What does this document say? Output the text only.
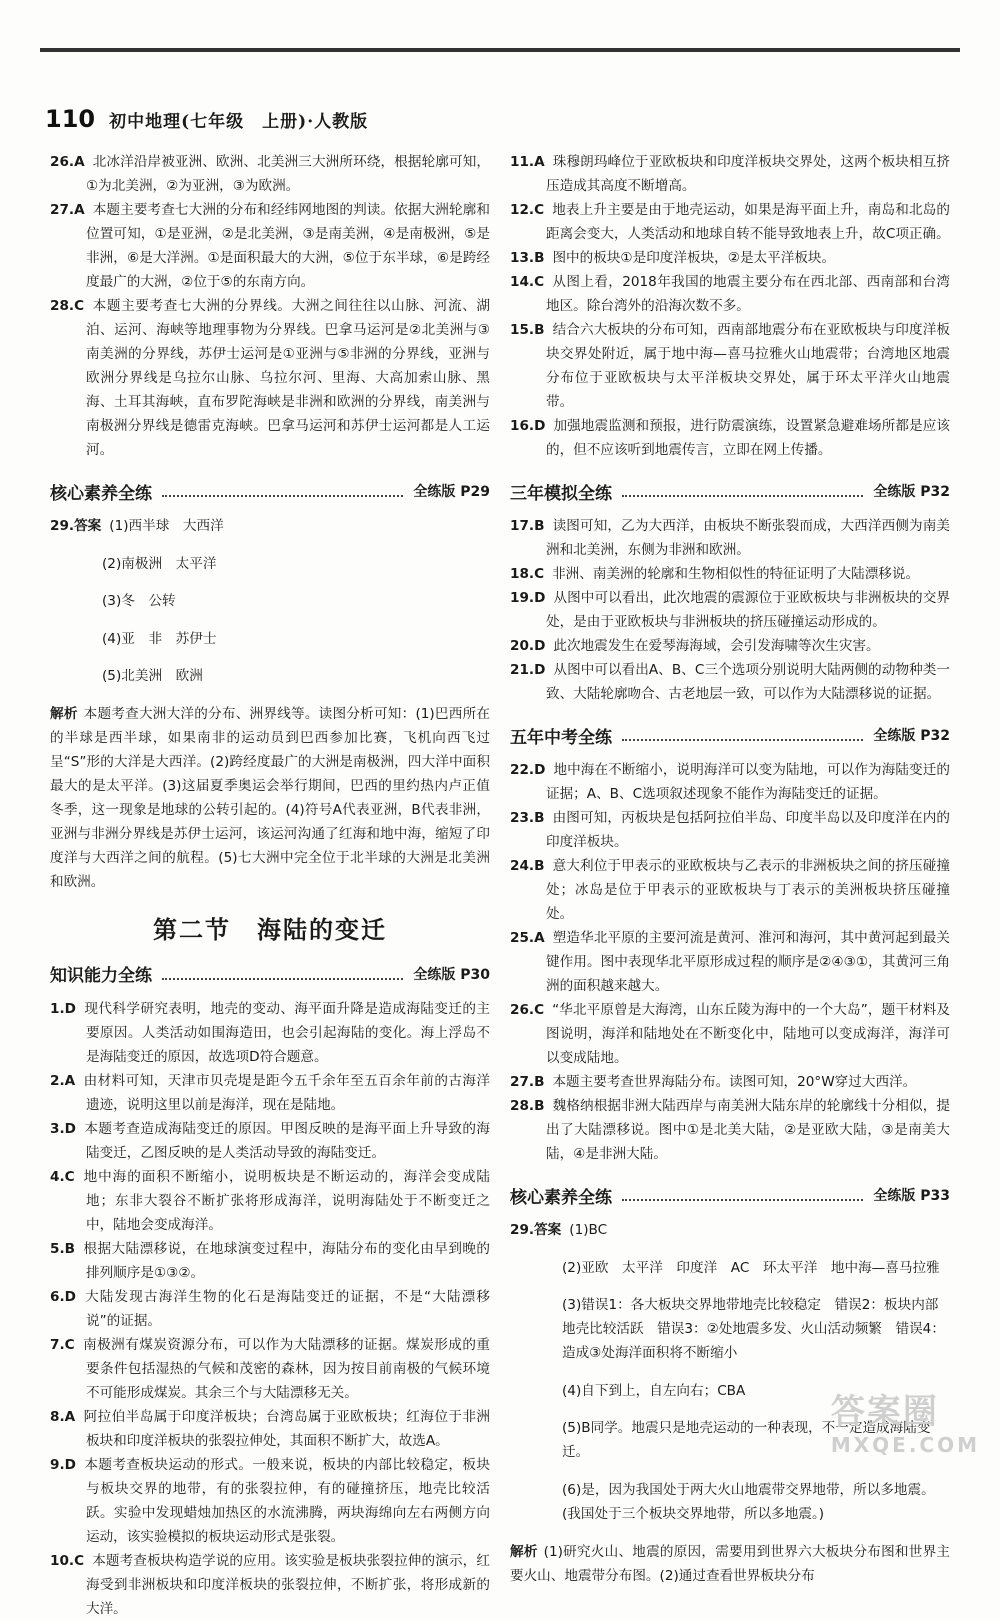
110 初中地理(七年级　上册)·人教版

26.A 北冰洋沿岸被亚洲、欧洲、北美洲三大洲所环绕，根据轮廓可知，①为北美洲，②为亚洲，③为欧洲。

27.A 本题主要考查七大洲的分布和经纬网地图的判读。依据大洲轮廓和位置可知，①是亚洲，②是北美洲，③是南美洲，④是南极洲，⑤是非洲，⑥是大洋洲。①是面积最大的大洲，⑤位于东半球，⑥是跨经度最广的大洲，②位于⑤的东南方向。

28.C 本题主要考查七大洲的分界线。大洲之间往往以山脉、河流、湖泊、运河、海峡等地理事物为分界线。巴拿马运河是②北美洲与③南美洲的分界线，苏伊士运河是①亚洲与⑤非洲的分界线，亚洲与欧洲分界线是乌拉尔山脉、乌拉尔河、里海、大高加索山脉、黑海、土耳其海峡，直布罗陀海峡是非洲和欧洲的分界线，南美洲与南极洲分界线是德雷克海峡。巴拿马运河和苏伊士运河都是人工运河。

核心素养全练	全练版 P29

29.答案 (1)西半球　大西洋

(2)南极洲　太平洋

(3)冬　公转

(4)亚　非　苏伊士

(5)北美洲　欧洲

解析 本题考查大洲大洋的分布、洲界线等。读图分析可知：(1)巴西所在的半球是西半球，如果南非的运动员到巴西参加比赛，飞机向西飞过呈“S”形的大洋是大西洋。(2)跨经度最广的大洲是南极洲，四大洋中面积最大的是太平洋。(3)这届夏季奥运会举行期间，巴西的里约热内卢正值冬季，这一现象是地球的公转引起的。(4)符号A代表亚洲，B代表非洲，亚洲与非洲分界线是苏伊士运河，该运河沟通了红海和地中海，缩短了印度洋与大西洋之间的航程。(5)七大洲中完全位于北半球的大洲是北美洲和欧洲。

第二节　海陆的变迁
知识能力全练	全练版 P30

1.D 现代科学研究表明，地壳的变动、海平面升降是造成海陆变迁的主要原因。人类活动如围海造田，也会引起海陆的变化。海上浮岛不是海陆变迁的原因，故选项D符合题意。

2.A 由材料可知，天津市贝壳堤是距今五千余年至五百余年前的古海洋遗迹，说明这里以前是海洋，现在是陆地。

3.D 本题考查造成海陆变迁的原因。甲图反映的是海平面上升导致的海陆变迁，乙图反映的是人类活动导致的海陆变迁。

4.C 地中海的面积不断缩小，说明板块是不断运动的，海洋会变成陆地；东非大裂谷不断扩张将形成海洋，说明海陆处于不断变迁之中，陆地会变成海洋。

5.B 根据大陆漂移说，在地球演变过程中，海陆分布的变化由早到晚的排列顺序是①③②。

6.D 大陆发现古海洋生物的化石是海陆变迁的证据，不是“大陆漂移说”的证据。

7.C 南极洲有煤炭资源分布，可以作为大陆漂移的证据。煤炭形成的重要条件包括湿热的气候和茂密的森林，因为按目前南极的气候环境不可能形成煤炭。其余三个与大陆漂移无关。

8.A 阿拉伯半岛属于印度洋板块；台湾岛属于亚欧板块；红海位于非洲板块和印度洋板块的张裂拉伸处，其面积不断扩大，故选A。

9.D 本题考查板块运动的形式。一般来说，板块的内部比较稳定，板块与板块交界的地带，有的张裂拉伸，有的碰撞挤压，地壳比较活跃。实验中发现蜡烛加热区的水流沸腾，两块海绵向左右两侧方向运动，该实验模拟的板块运动形式是张裂。

10.C 本题考查板块构造学说的应用。该实验是板块张裂拉伸的演示，红海受到非洲板块和印度洋板块的张裂拉伸，不断扩张，将形成新的大洋。

11.A 珠穆朗玛峰位于亚欧板块和印度洋板块交界处，这两个板块相互挤压造成其高度不断增高。

12.C 地表上升主要是由于地壳运动，如果是海平面上升，南岛和北岛的距离会变大，人类活动和地球自转不能导致地表上升，故C项正确。

13.B 图中的板块①是印度洋板块，②是太平洋板块。

14.C 从图上看，2018年我国的地震主要分布在西北部、西南部和台湾地区。除台湾外的沿海次数不多。

15.B 结合六大板块的分布可知，西南部地震分布在亚欧板块与印度洋板块交界处附近，属于地中海—喜马拉雅火山地震带；台湾地区地震分布位于亚欧板块与太平洋板块交界处，属于环太平洋火山地震带。

16.D 加强地震监测和预报，进行防震演练，设置紧急避难场所都是应该的，但不应该听到地震传言，立即在网上传播。

三年模拟全练	全练版 P32

17.B 读图可知，乙为大西洋，由板块不断张裂而成，大西洋西侧为南美洲和北美洲，东侧为非洲和欧洲。

18.C 非洲、南美洲的轮廓和生物相似性的特征证明了大陆漂移说。

19.D 从图中可以看出，此次地震的震源位于亚欧板块与非洲板块的交界处，是由于亚欧板块与非洲板块的挤压碰撞运动形成的。

20.D 此次地震发生在爱琴海海域，会引发海啸等次生灾害。

21.D 从图中可以看出A、B、C三个选项分别说明大陆两侧的动物种类一致、大陆轮廓吻合、古老地层一致，可以作为大陆漂移说的证据。

五年中考全练	全练版 P32

22.D 地中海在不断缩小，说明海洋可以变为陆地，可以作为海陆变迁的证据；A、B、C选项叙述现象不能作为海陆变迁的证据。

23.B 由图可知，丙板块是包括阿拉伯半岛、印度半岛以及印度洋在内的印度洋板块。

24.B 意大利位于甲表示的亚欧板块与乙表示的非洲板块之间的挤压碰撞处；冰岛是位于甲表示的亚欧板块与丁表示的美洲板块挤压碰撞处。

25.A 塑造华北平原的主要河流是黄河、淮河和海河，其中黄河起到最关键作用。图中表现华北平原形成过程的顺序是②④③①，其黄河三角洲的面积越来越大。

26.C “华北平原曾是大海湾，山东丘陵为海中的一个大岛”，题干材料及图说明，海洋和陆地处在不断变化中，陆地可以变成海洋，海洋可以变成陆地。

27.B 本题主要考查世界海陆分布。读图可知，20°W穿过大西洋。

28.B 魏格纳根据非洲大陆西岸与南美洲大陆东岸的轮廓线十分相似，提出了大陆漂移说。图中①是北美大陆，②是亚欧大陆，③是南美大陆，④是非洲大陆。

核心素养全练	全练版 P33

29.答案 (1)BC

(2)亚欧　太平洋　印度洋　AC　环太平洋　地中海—喜马拉雅

(3)错误1：各大板块交界地带地壳比较稳定　错误2：板块内部地壳比较活跃　错误3：②处地震多发、火山活动频繁　错误4：造成③处海洋面积将不断缩小

(4)自下到上，自左向右；CBA

(5)B同学。地震只是地壳运动的一种表现，不一定造成海陆变迁。

(6)是，因为我国处于两大火山地震带交界地带，所以多地震。(我国处于三个板块交界地带，所以多地震。)

解析 (1)研究火山、地震的原因，需要用到世界六大板块分布图和世界主要火山、地震带分布图。(2)通过查看世界板块分布

答案圈
MXQE.COM
